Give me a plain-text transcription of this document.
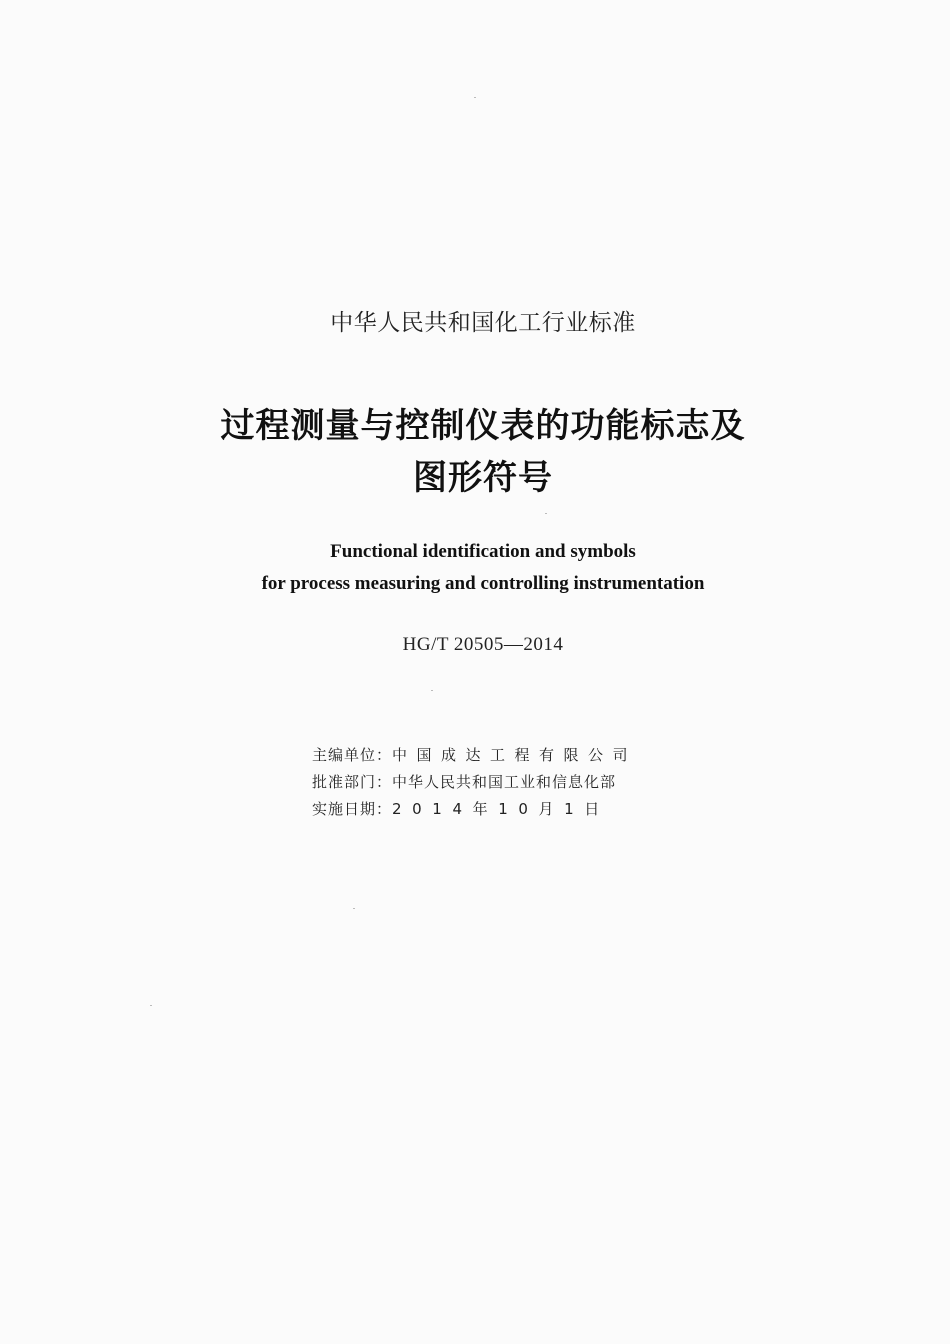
中华人民共和国化工行业标准
过程测量与控制仪表的功能标志及
图形符号
Functional identification and symbols
for process measuring and controlling instrumentation
HG/T 20505—2014
主编单位： 中国成达工程有限公司
批准部门： 中华人民共和国工业和信息化部
实施日期： 2014年10月1日
